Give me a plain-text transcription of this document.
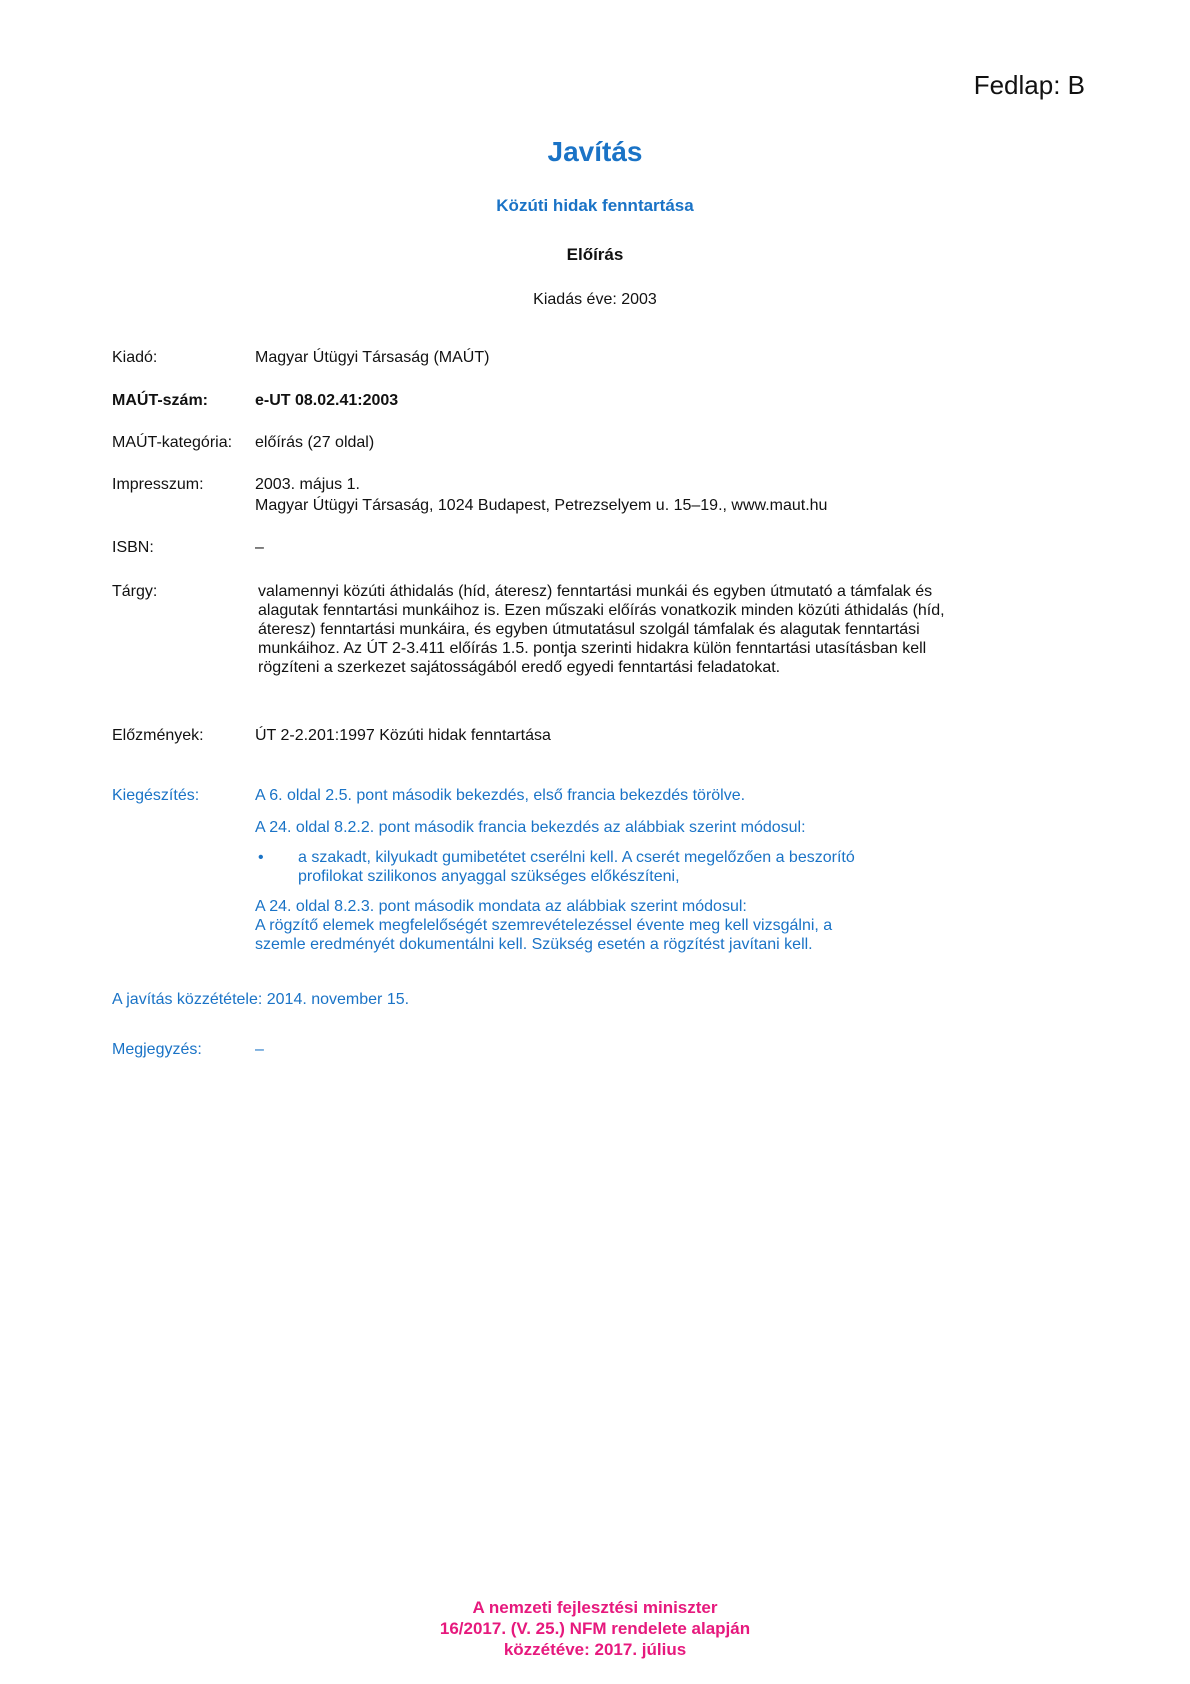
Fedlap: B
Javítás
Közúti hidak fenntartása
Előírás
Kiadás éve: 2003
Kiadó:	Magyar Útügyi Társaság (MAÚT)
MAÚT-szám:	e-UT 08.02.41:2003
MAÚT-kategória: előírás (27 oldal)
Impresszum:	2003. május 1.
Magyar Útügyi Társaság, 1024 Budapest, Petrezselyem u. 15–19., www.maut.hu
ISBN:	–
Tárgy:	valamennyi közúti áthidalás (híd, áteresz) fenntartási munkái és egyben útmutató a támfalak és alagutak fenntartási munkáihoz is. Ezen műszaki előírás vonatkozik minden közúti áthidalás (híd, áteresz) fenntartási munkáira, és egyben útmutatásul szolgál támfalak és alagutak fenntartási munkáihoz. Az ÚT 2-3.411 előírás 1.5. pontja szerinti hidakra külön fenntartási utasításban kell rögzíteni a szerkezet sajátosságából eredő egyedi fenntartási feladatokat.
Előzmények:	ÚT 2-2.201:1997 Közúti hidak fenntartása
Kiegészítés:	A 6. oldal 2.5. pont második bekezdés, első francia bekezdés törölve.
A 24. oldal 8.2.2. pont második francia bekezdés az alábbiak szerint módosul:
• a szakadt, kilyukadt gumibetétet cserélni kell. A cserét megelőzően a beszorító
profilokat szilikonos anyaggal szükséges előkészíteni,
A 24. oldal 8.2.3. pont második mondata az alábbiak szerint módosul:
A rögzítő elemek megfelelőségét szemrevételezéssel évente meg kell vizsgálni, a
szemle eredményét dokumentálni kell. Szükség esetén a rögzítést javítani kell.
A javítás közzététele: 2014. november 15.
Megjegyzés:	–
A nemzeti fejlesztési miniszter
16/2017. (V. 25.) NFM rendelete alapján
közzétéve: 2017. július
